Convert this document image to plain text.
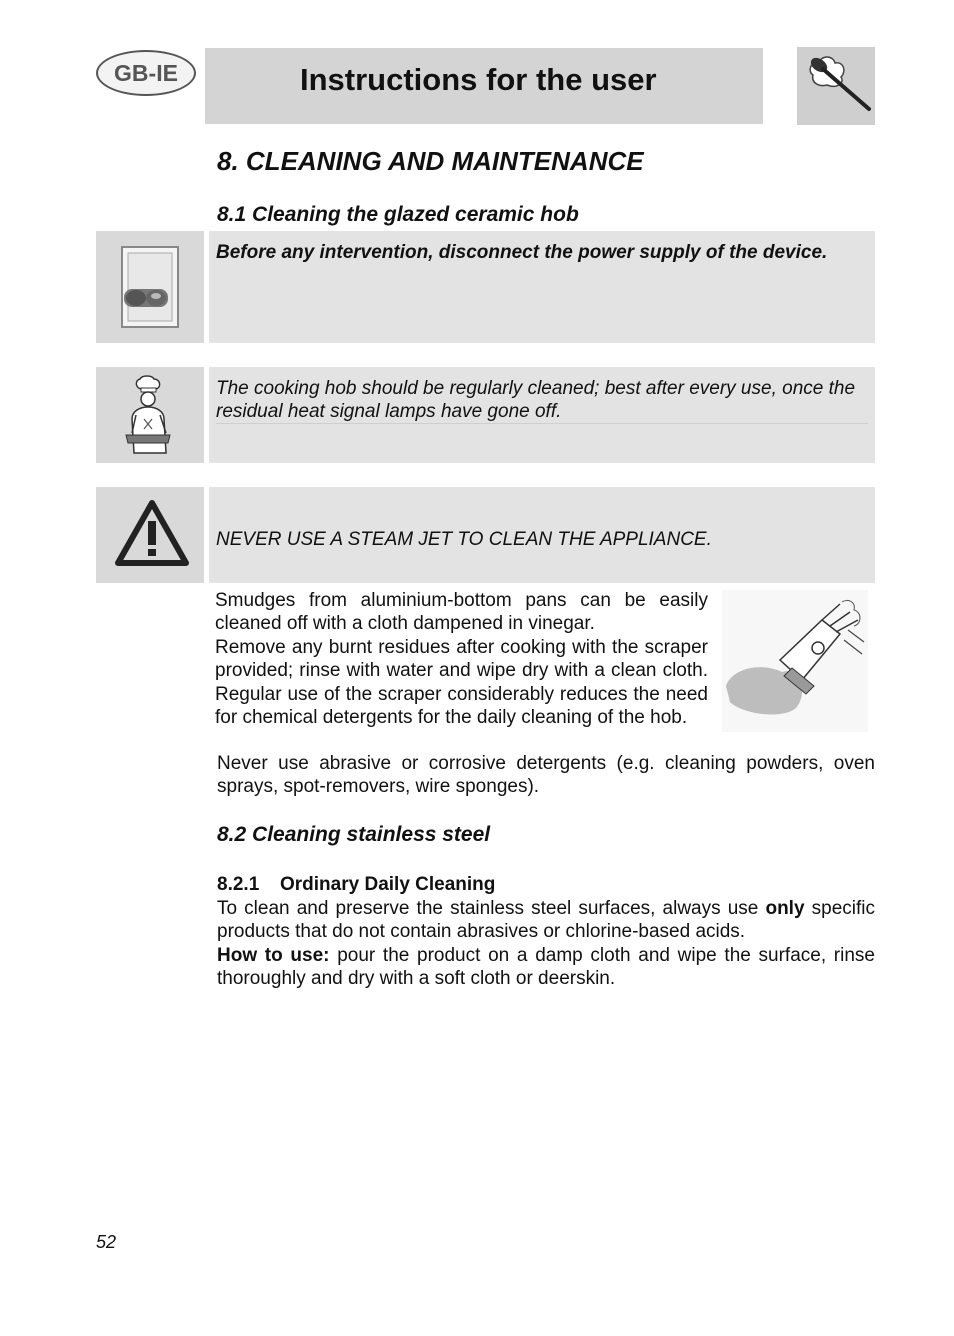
GB-IE	Instructions for the user
8. CLEANING AND MAINTENANCE
8.1 Cleaning the glazed ceramic hob
Before any intervention, disconnect the power supply of the device.
The cooking hob should be regularly cleaned; best after every use, once the residual heat signal lamps have gone off.
NEVER USE A STEAM JET TO CLEAN THE APPLIANCE.
Smudges from aluminium-bottom pans can be easily cleaned off with a cloth dampened in vinegar.
Remove any burnt residues after cooking with the scraper provided; rinse with water and wipe dry with a clean cloth. Regular use of the scraper considerably reduces the need for chemical detergents for the daily cleaning of the hob.
Never use abrasive or corrosive detergents (e.g. cleaning powders, oven sprays, spot-removers, wire sponges).
8.2 Cleaning stainless steel
8.2.1 Ordinary Daily Cleaning
To clean and preserve the stainless steel surfaces, always use only specific products that do not contain abrasives or chlorine-based acids.
How to use: pour the product on a damp cloth and wipe the surface, rinse thoroughly and dry with a soft cloth or deerskin.
52
